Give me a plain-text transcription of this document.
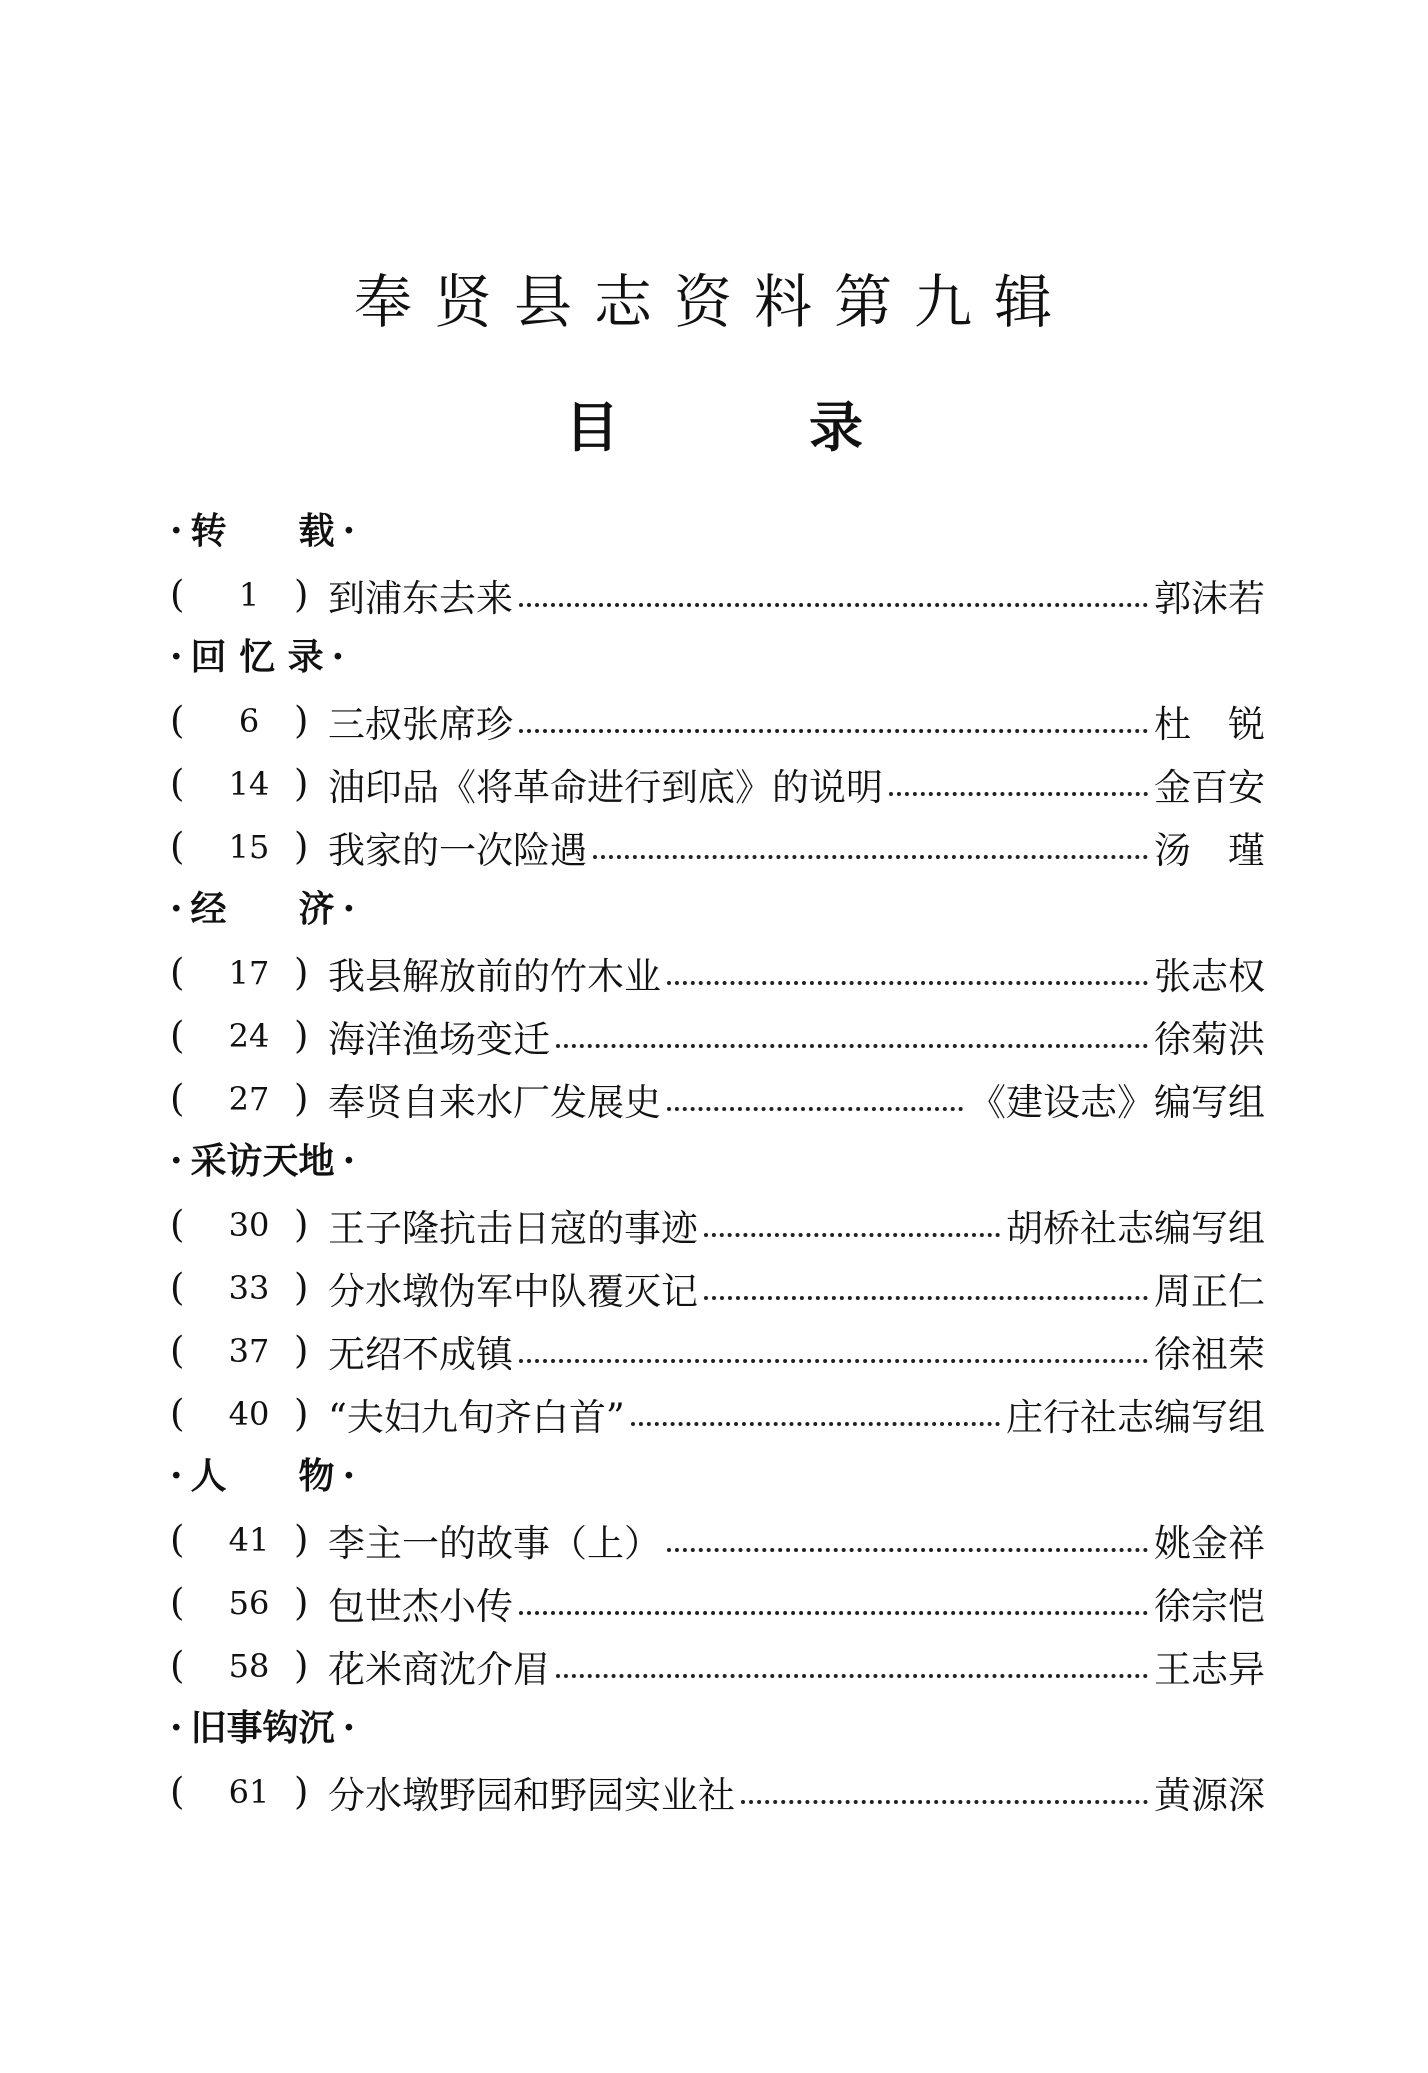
奉贤县志资料第九辑
目录
· 转　　载 ·
(	1 ) 到浦东去来	郭沫若
· 回 忆 录 ·
(	6 ) 三叔张席珍	杜　锐
(	14 ) 油印品《将革命进行到底》的说明	金百安
(	15 ) 我家的一次险遇	汤　瑾
· 经　　济 ·
(	17 ) 我县解放前的竹木业	张志权
(	24 ) 海洋渔场变迁	徐菊洪
(	27 ) 奉贤自来水厂发展史	《建设志》编写组
· 采访天地 ·
(	30 ) 王子隆抗击日寇的事迹	胡桥社志编写组
(	33 ) 分水墩伪军中队覆灭记	周正仁
(	37 ) 无绍不成镇	徐祖荣
(	40 ) “夫妇九旬齐白首”	庄行社志编写组
· 人　　物 ·
(	41 ) 李主一的故事（上）	姚金祥
(	56 ) 包世杰小传	徐宗恺
(	58 ) 花米商沈介眉	王志异
· 旧事钩沉 ·
(	61 ) 分水墩野园和野园实业社	黄源深
